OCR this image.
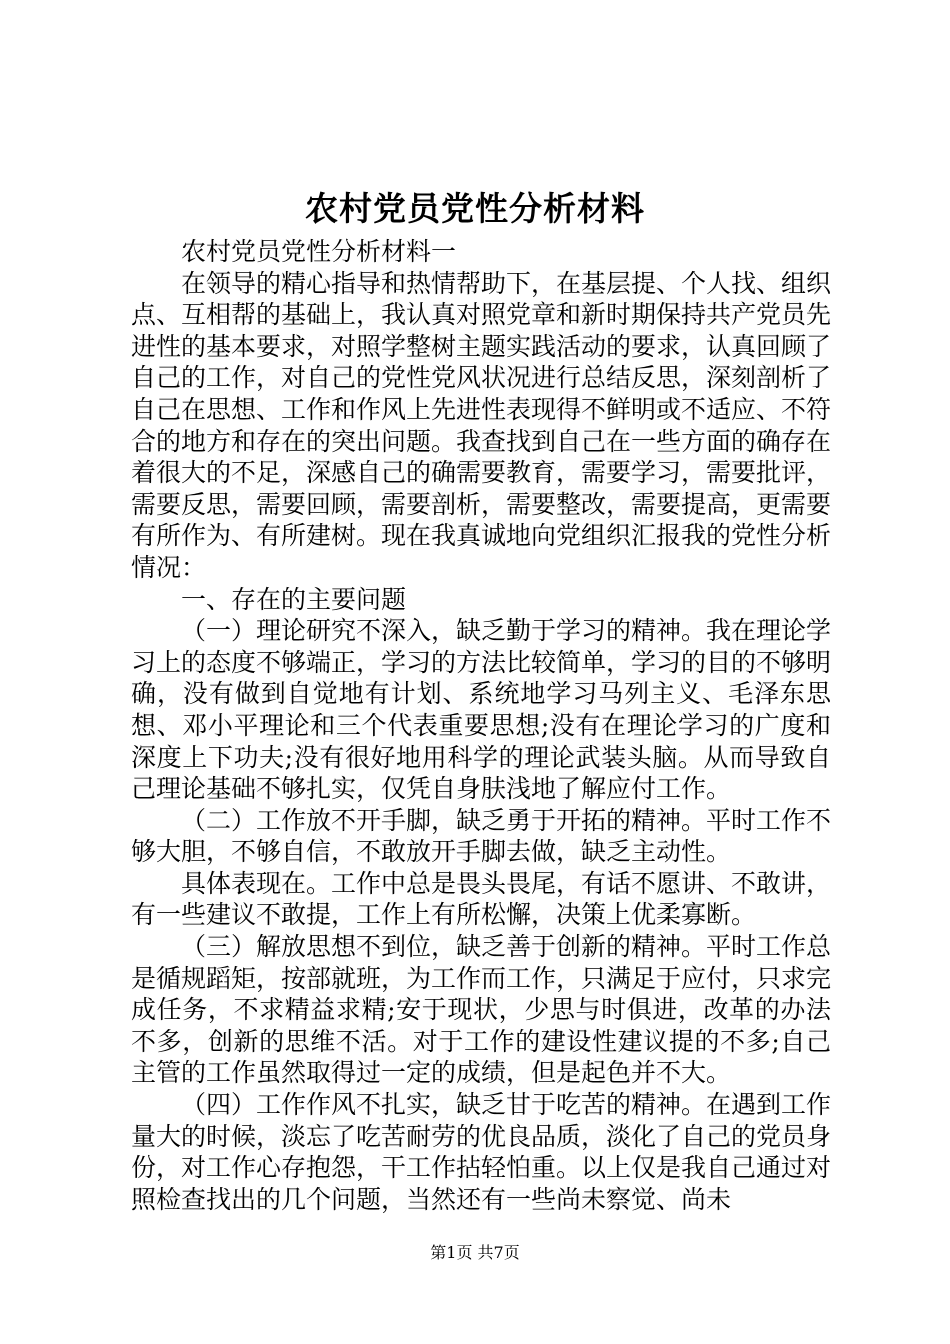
农村党员党性分析材料

农村党员党性分析材料一

在领导的精心指导和热情帮助下，在基层提、个人找、组织点、互相帮的基础上，我认真对照党章和新时期保持共产党员先进性的基本要求，对照学整树主题实践活动的要求，认真回顾了自己的工作，对自己的党性党风状况进行总结反思，深刻剖析了自己在思想、工作和作风上先进性表现得不鲜明或不适应、不符合的地方和存在的突出问题。我查找到自己在一些方面的确存在着很大的不足，深感自己的确需要教育，需要学习，需要批评，需要反思，需要回顾，需要剖析，需要整改，需要提高，更需要有所作为、有所建树。现在我真诚地向党组织汇报我的党性分析情况：

一、存在的主要问题

（一）理论研究不深入，缺乏勤于学习的精神。我在理论学习上的态度不够端正，学习的方法比较简单，学习的目的不够明确，没有做到自觉地有计划、系统地学习马列主义、毛泽东思想、邓小平理论和三个代表重要思想;没有在理论学习的广度和深度上下功夫;没有很好地用科学的理论武装头脑。从而导致自己理论基础不够扎实，仅凭自身肤浅地了解应付工作。

（二）工作放不开手脚，缺乏勇于开拓的精神。平时工作不够大胆，不够自信，不敢放开手脚去做，缺乏主动性。

具体表现在。工作中总是畏头畏尾，有话不愿讲、不敢讲，有一些建议不敢提，工作上有所松懈，决策上优柔寡断。

（三）解放思想不到位，缺乏善于创新的精神。平时工作总是循规蹈矩，按部就班，为工作而工作，只满足于应付，只求完成任务，不求精益求精;安于现状，少思与时俱进，改革的办法不多，创新的思维不活。对于工作的建设性建议提的不多;自己主管的工作虽然取得过一定的成绩，但是起色并不大。

（四）工作作风不扎实，缺乏甘于吃苦的精神。在遇到工作量大的时候，淡忘了吃苦耐劳的优良品质，淡化了自己的党员身份，对工作心存抱怨，干工作拈轻怕重。以上仅是我自己通过对照检查找出的几个问题，当然还有一些尚未察觉、尚未

第1页 共7页
